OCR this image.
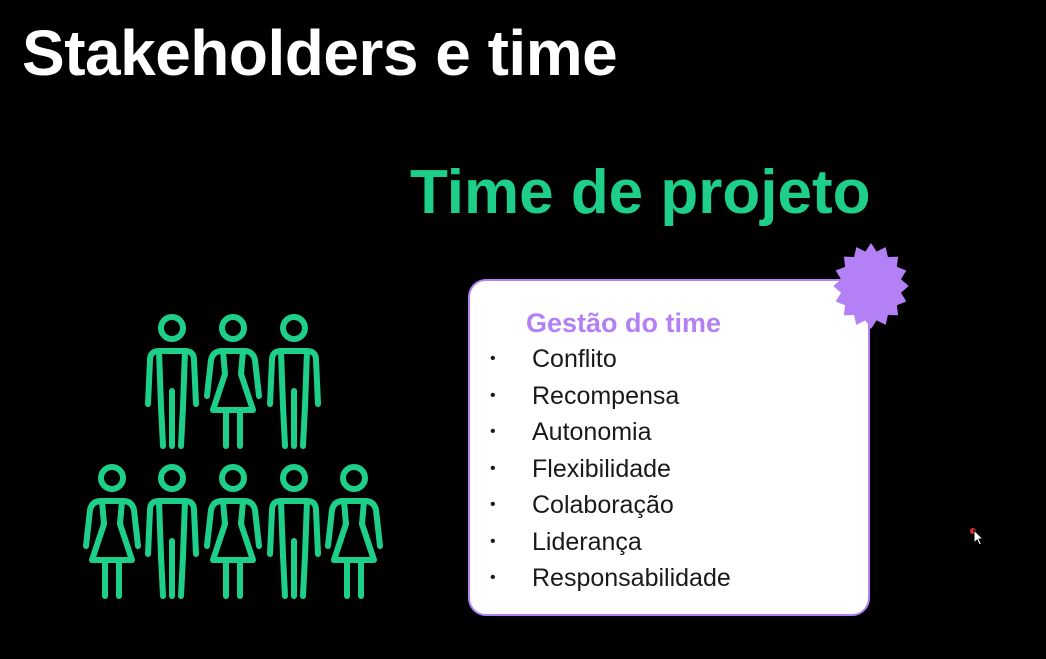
Stakeholders e time
Time de projeto
Gestão do time
• Conflito
• Recompensa
• Autonomia
• Flexibilidade
• Colaboração
• Liderança
• Responsabilidade
